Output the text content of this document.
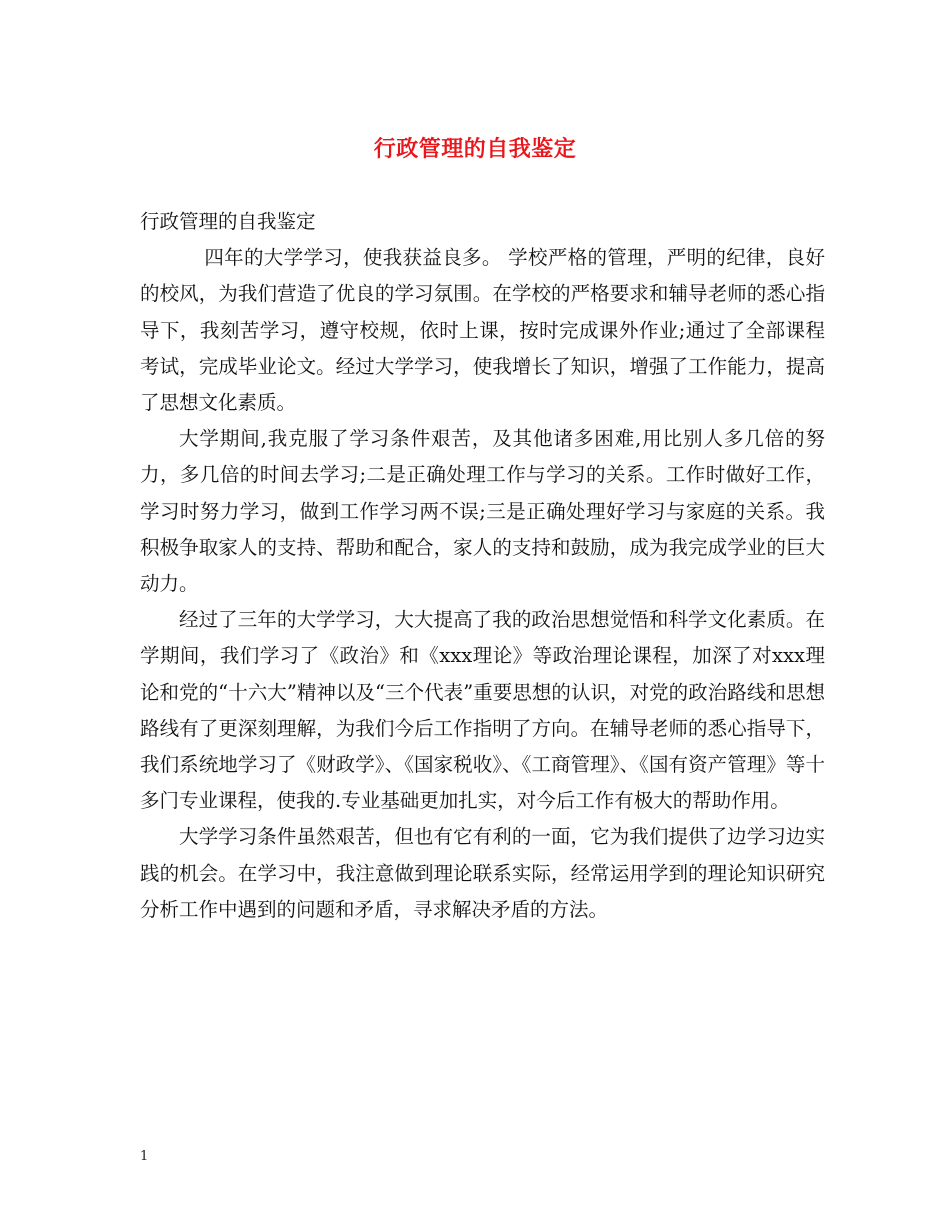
行政管理的自我鉴定

行政管理的自我鉴定

四年的大学学习，使我获益良多。 学校严格的管理，严明的纪律，良好的校风，为我们营造了优良的学习氛围。在学校的严格要求和辅导老师的悉心指导下，我刻苦学习，遵守校规，依时上课，按时完成课外作业;通过了全部课程考试，完成毕业论文。经过大学学习，使我增长了知识，增强了工作能力，提高了思想文化素质。

大学期间,我克服了学习条件艰苦，及其他诸多困难,用比别人多几倍的努力，多几倍的时间去学习;二是正确处理工作与学习的关系。工作时做好工作，学习时努力学习，做到工作学习两不误;三是正确处理好学习与家庭的关系。我积极争取家人的支持、帮助和配合，家人的支持和鼓励，成为我完成学业的巨大动力。

经过了三年的大学学习，大大提高了我的政治思想觉悟和科学文化素质。在学期间，我们学习了《政治》和《xxx理论》等政治理论课程，加深了对xxx理论和党的“十六大”精神以及“三个代表”重要思想的认识，对党的政治路线和思想路线有了更深刻理解，为我们今后工作指明了方向。在辅导老师的悉心指导下，我们系统地学习了《财政学》、《国家税收》、《工商管理》、《国有资产管理》等十多门专业课程，使我的.专业基础更加扎实，对今后工作有极大的帮助作用。

大学学习条件虽然艰苦，但也有它有利的一面，它为我们提供了边学习边实践的机会。在学习中，我注意做到理论联系实际，经常运用学到的理论知识研究分析工作中遇到的问题和矛盾，寻求解决矛盾的方法。

1
